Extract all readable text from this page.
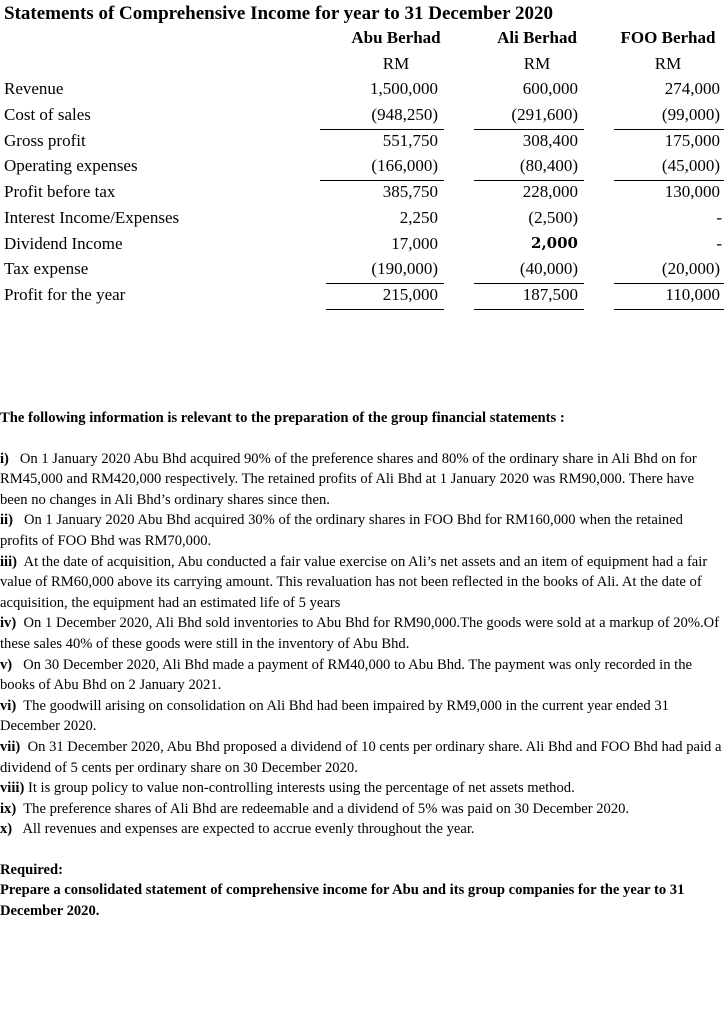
Statements of Comprehensive Income for year to 31 December 2020
Abu Berhad	Ali Berhad	FOO Berhad
RM	RM	RM
Revenue	1,500,000	600,000	274,000
Cost of sales	(948,250)	(291,600)	(99,000)
Gross profit	551,750	308,400	175,000
Operating expenses	(166,000)	(80,400)	(45,000)
Profit before tax	385,750	228,000	130,000
Interest Income/Expenses	2,250	(2,500)	-
Dividend Income	17,000	2,000	-
Tax expense	(190,000)	(40,000)	(20,000)
Profit for the year	215,000	187,500	110,000

The following information is relevant to the preparation of the group financial statements :

i) On 1 January 2020 Abu Bhd acquired 90% of the preference shares and 80% of the ordinary share in Ali Bhd on for RM45,000 and RM420,000 respectively. The retained profits of Ali Bhd at 1 January 2020 was RM90,000. There have been no changes in Ali Bhd’s ordinary shares since then.

ii) On 1 January 2020 Abu Bhd acquired 30% of the ordinary shares in FOO Bhd for RM160,000 when the retained profits of FOO Bhd was RM70,000.

iii) At the date of acquisition, Abu conducted a fair value exercise on Ali’s net assets and an item of equipment had a fair value of RM60,000 above its carrying amount. This revaluation has not been reflected in the books of Ali. At the date of acquisition, the equipment had an estimated life of 5 years

iv) On 1 December 2020, Ali Bhd sold inventories to Abu Bhd for RM90,000.The goods were sold at a markup of 20%.Of these sales 40% of these goods were still in the inventory of Abu Bhd.

v) On 30 December 2020, Ali Bhd made a payment of RM40,000 to Abu Bhd. The payment was only recorded in the books of Abu Bhd on 2 January 2021.

vi) The goodwill arising on consolidation on Ali Bhd had been impaired by RM9,000 in the current year ended 31 December 2020.

vii) On 31 December 2020, Abu Bhd proposed a dividend of 10 cents per ordinary share. Ali Bhd and FOO Bhd had paid a dividend of 5 cents per ordinary share on 30 December 2020.

viii) It is group policy to value non-controlling interests using the percentage of net assets method.

ix) The preference shares of Ali Bhd are redeemable and a dividend of 5% was paid on 30 December 2020.

x) All revenues and expenses are expected to accrue evenly throughout the year.

Required:

Prepare a consolidated statement of comprehensive income for Abu and its group companies for the year to 31 December 2020.
